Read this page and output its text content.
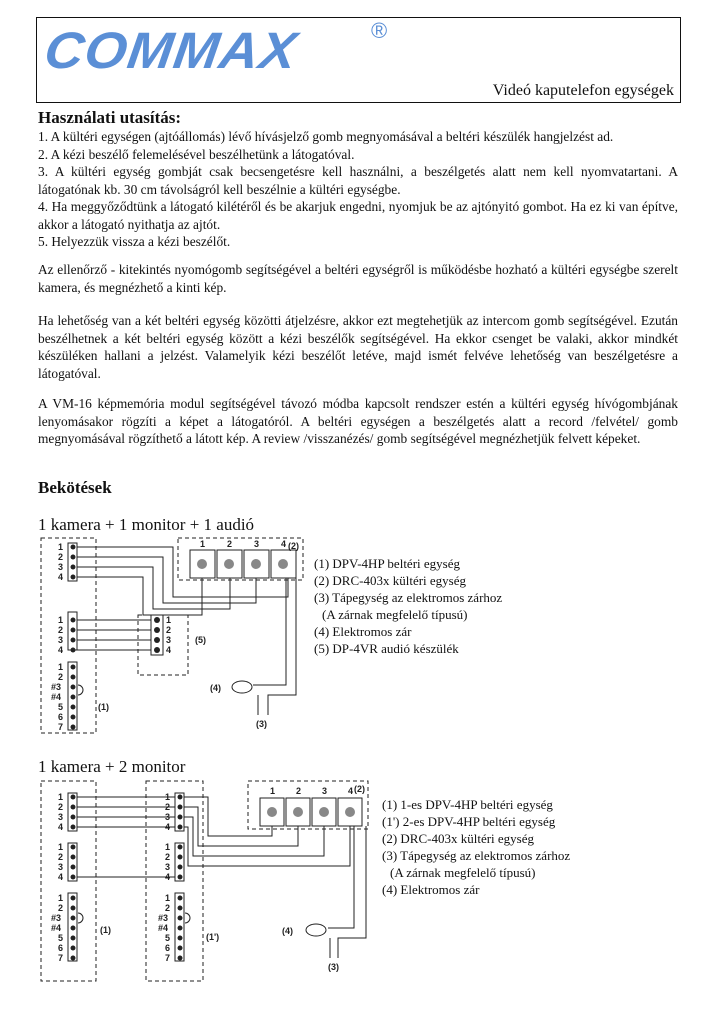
COMMAX	®
Videó kaputelefon egységek
Használati utasítás:

1. A kültéri egységen (ajtóállomás) lévő hívásjelző gomb megnyomásával a beltéri készülék hangjelzést ad.

2. A kézi beszélő felemelésével beszélhetünk a látogatóval.

3. A kültéri egység gombját csak becsengetésre kell használni, a beszélgetés alatt nem kell nyomvatartani. A látogatónak kb. 30 cm távolságról kell beszélnie a kültéri egységbe.

4. Ha meggyőződtünk a látogató kilétéről és be akarjuk engedni, nyomjuk be az ajtónyitó gombot. Ha ez ki van építve, akkor a látogató nyithatja az ajtót.

5. Helyezzük vissza a kézi beszélőt.

Az ellenőrző - kitekintés nyomógomb segítségével a beltéri egységről is működésbe hozható a kültéri egységbe szerelt kamera, és megnézhető a kinti kép.

Ha lehetőség van a két beltéri egység közötti átjelzésre, akkor ezt megtehetjük az intercom gomb segítségével. Ezután beszélhetnek a két beltéri egység között a kézi beszélők segítségével. Ha ekkor csenget be valaki, akkor mindkét készüléken hallani a jelzést. Valamelyik kézi beszélőt letéve, majd ismét felvéve lehetőség van beszélgetésre a látogatóval.

A VM-16 képmemória modul segítségével távozó módba kapcsolt rendszer estén a kültéri egység hívógombjának lenyomásakor rögzíti a képet a látogatóról. A beltéri egységen a beszélgetés alatt a record /felvétel/ gomb megnyomásával rögzíthető a látott kép. A review /visszanézés/ gomb segítségével megnézhetjük felvett képeket.

Bekötések
1 kamera + 1 monitor + 1 audió
1
2
3
4
1
2
3
4
1
2
#3
#4
5
6
7
1 2 3 4
1
2
3
4
(1)
(2)
(3)
(4)
(5)
(1) DPV-4HP beltéri egység
(2) DRC-403x kültéri egység
(3) Tápegység az elektromos zárhoz
(A zárnak megfelelő típusú)
(4) Elektromos zár
(5) DP-4VR audió készülék
1 kamera + 2 monitor
1
2
3
4
1
2
3
4
1
2
#3
#4
5
6
7
1
2
3
4
1
2
3
4
1
2
#3
#4
5
6
7
1 2 3 4
(1)
(1')
(2)
(3)
(4)
(1) 1-es DPV-4HP beltéri egység
(1') 2-es DPV-4HP beltéri egység
(2) DRC-403x kültéri egység
(3) Tápegység az elektromos zárhoz
(A zárnak megfelelő típusú)
(4) Elektromos zár
